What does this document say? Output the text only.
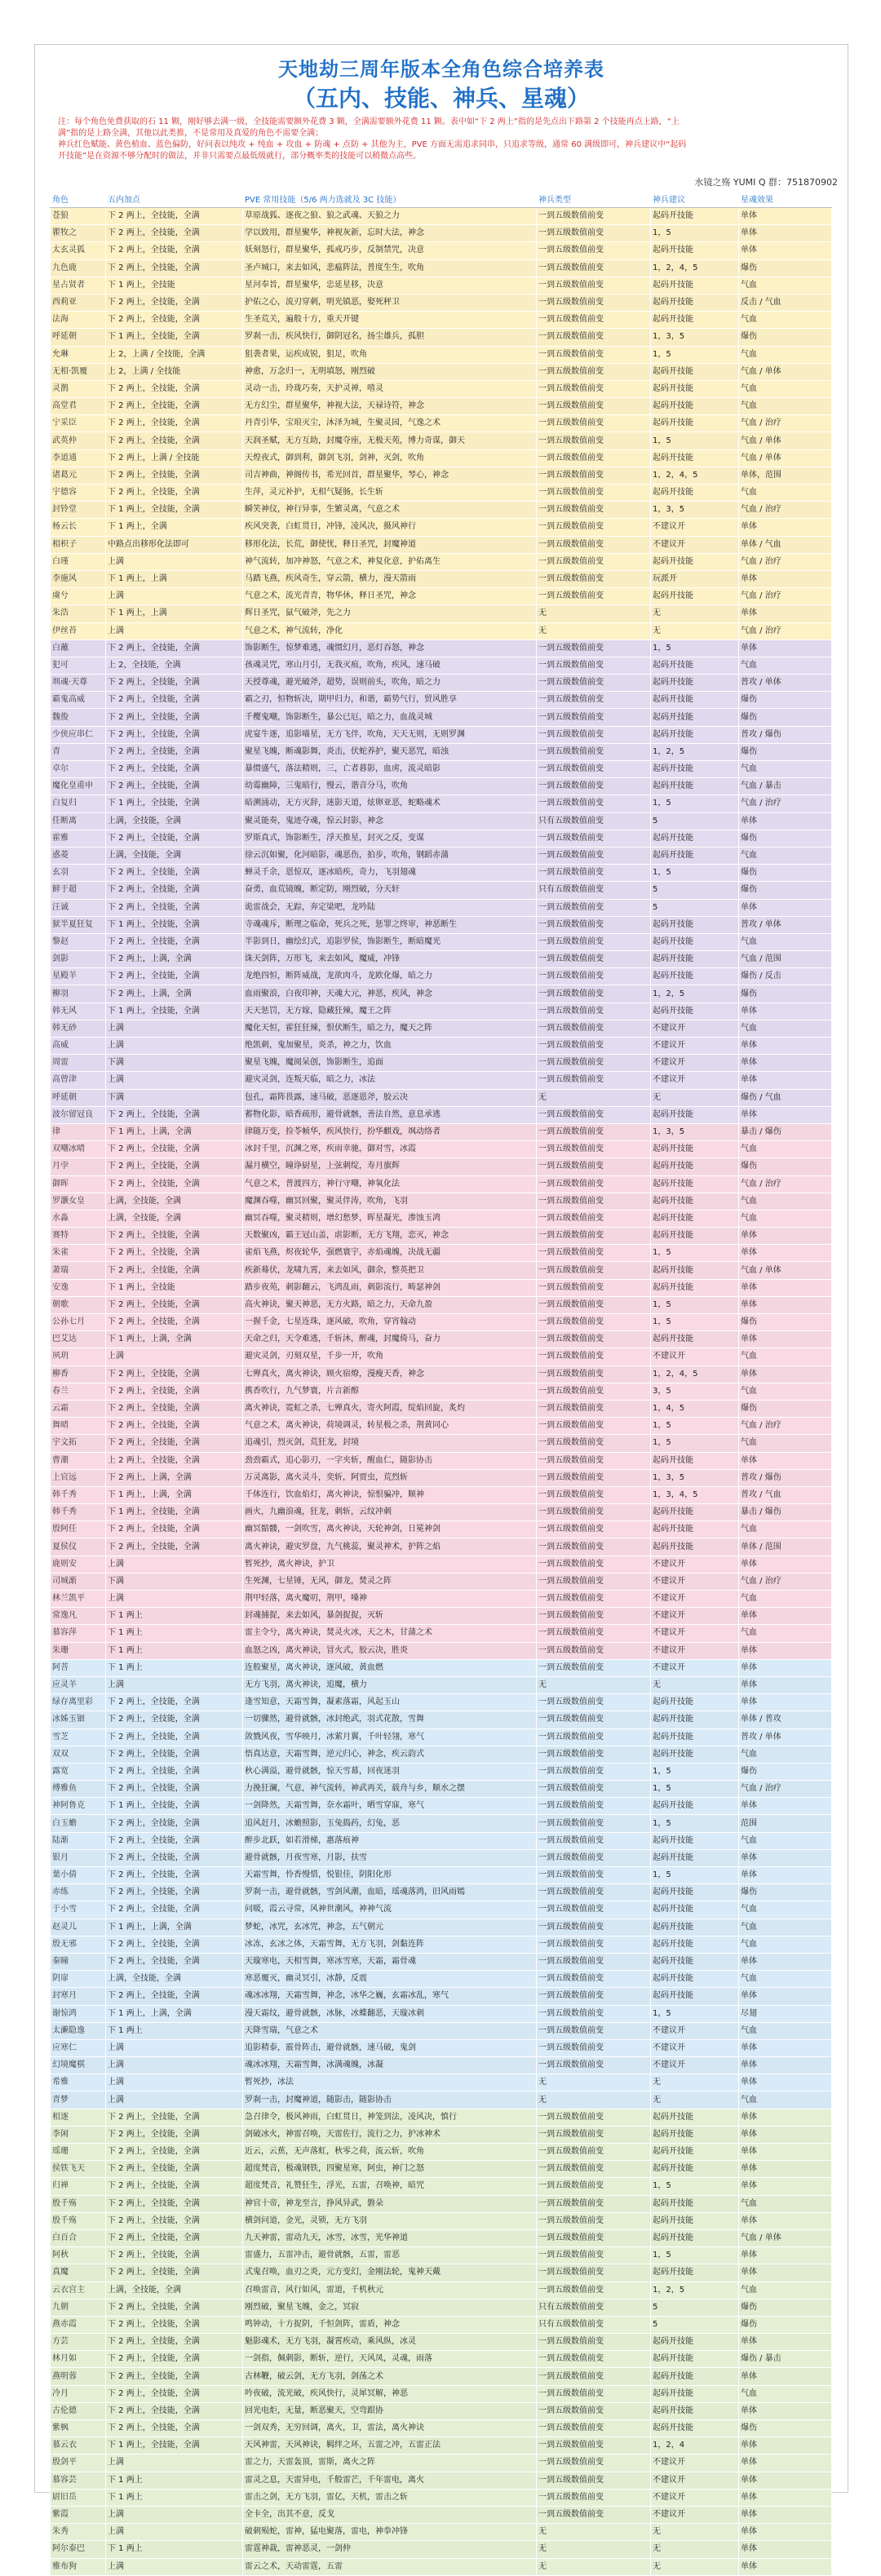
天地劫三周年版本全角色综合培养表
（五内、技能、神兵、星魂）
注：每个角色免费获取的石 11 颗，刚好够去满一级，全技能需要额外花费 3 颗，全满需要额外花费 11 颗。表中如“下 2 两上”指的是先点出下路第 2 个技能再点上路，“上
满”指的是上路全满，其他以此类推，不是常用及真爱的角色不需要全满；
神兵红色赋能、黄色植血、蓝色偏防，好问表以纯攻 + 纯血 + 攻血 + 防魂 + 点防 + 其他为主，PVE 方面无需追求同串，只追求等级，通常 60 满级即可，神兵建议中“起码
开技能”是在资源不够分配时的做法，并非只需要点最低级就行，部分概率类的技能可以稍微点高些。
水镜之殇 YUMI Q 群：751870902
角色	五内加点	PVE 常用技能（5/6 两力选就及 3C 技能）	神兵类型	神兵建议	星魂效果
苍狼	下 2 两上，全技能，全满	草原战狐、逐夜之狼、狼之武魂、天狼之力	一到五级数值前变	起码开技能	单体
瞿牧之	下 2 两上，全技能，全满	学以致用，群星聚华，神视灰新，忘时大法，神念	一到五级数值前变	1，5	单体
太玄灵狐	下 2 两上，全技能，全满	妖刻怒行，群星聚华，孤戒巧步，反制禁咒，决意	一到五级数值前变	起码开技能	单体
九色鹿	下 2 两上，全技能，全满	圣卢城口，来去如风，悲瘟阵法，普度生生，吹角	一到五级数值前变	1，2，4，5	爆伤
星占贤者	下 1 两上，全技能	星河奉旨，群星聚华，忠延星移，决意	一到五级数值前变	起码开技能	气血
西莉亚	下 2 两上，全技能，全满	护佑之心，流刃穿刺，明光镇恶，娶死秤卫	一到五级数值前变	起码开技能	反击 / 气血
法海	下 2 两上，全技能，全满	生圣荒关，遍般十方，重天开键	一到五级数值前变	起码开技能	气血
呼延朝	下 1 两上，全技能，全满	罗刹一击，疾风快行，御阴冠名，扬尘雄兵，孤胆	一到五级数值前变	1，3，5	爆伤
允琳	上 2，上满 / 全技能，全满	狙袭者果，运疾成锐，狙足，吹角	一到五级数值前变	1，5	气血
无相·凯覆	上 2，上满 / 全技能	神愈，万念归一，无明填怒，刚烈破	一到五级数值前变	起码开技能	气血 / 单体
灵鹊	下 2 两上，全技能，全满	灵动一击，玲珑巧奏，天护灵禅，嘻灵	一到五级数值前变	起码开技能	气血
高堂君	下 2 两上，全技能，全满	无方幻尘，群星聚华，神视大法，天禄诗符，神念	一到五级数值前变	起码开技能	气血
宁采臣	下 2 两上，全技能，全满	丹青引华，宝琅灭尘，沐泽为城，生聚灵园，气逸之术	一到五级数值前变	起码开技能	气血 / 治疗
武英仲	下 2 两上，全技能，全满	天润圣赋，无方互助，封魔夺座，无极天苑，博力奇谋，御天	一到五级数值前变	1，5	气血 / 单体
李道通	下 2 两上，上满 / 全技能	天煌夜式，御到利，御剑飞羽，剑神，灭剑，吹角	一到五级数值前变	起码开技能	气血 / 单体
诸葛元	下 2 两上，全技能，全满	司吉神曲，神阁传书，希光回首，群星聚华，琴心，神念	一到五级数值前变	1，2，4，5	单体，范围
宇德容	下 2 两上，全技能，全满	生萍，灵元补护，无相气疑肠，长生斩	一到五级数值前变	起码开技能	气血
封铃堂	下 1 两上，全技能，全满	瞬笑神仪，神行异事，生繁灵离，气意之术	一到五级数值前变	1，3，5	气血 / 治疗
杨云长	下 1 两上，全满	疾风突袭，白虹贯日，冲锋，凌风决，摄风神行	一到五级数值前变	不建议开	单体
相枳子	中路点出移形化法即可	移形化法，长荒，御使忧，释日圣咒，封魔神道	一到五级数值前变	不建议开	单体 / 气血
白瑾	上满	神气流转，加冲神怒，气意之术，神复化意，护佑离生	一到五级数值前变	起码开技能	气血 / 治疗
李施风	下 1 两上，上满	马踏飞燕，疾风奇生，穿云箭，横力，漫天箭雨	一到五级数值前变	玩派开	单体
虞兮	上满	气意之术，流光青青，物华休，释日圣咒，神念	一到五级数值前变	起码开技能	气血 / 治疗
朱浩	下 1 两上，上满	辉日圣咒，鼠气破斧，先之力	无	无	单体
伊丝苔	上满	气意之术，神气流转，净化	无	无	气血 / 治疗
白蘸	下 2 两上，全技能，全满	饰影断生，惊梦难逃，魂惯幻月，恶灯吞怒，神念	一到五级数值前变	1，5	单体
犯可	上 2，全技能，全满	孩魂灵咒，寒山月引，无我灭痕，吹角，疾风，速马破	一到五级数值前变	起码开技能	气血
圳魂·天尊	下 2 两上，全技能，全满	天授尊魂，避光破斧，超势，误则前头，吹角，暗之力	一到五级数值前变	起码开技能	普攻 / 单体
霸鬼高威	下 2 两上，全技能，全满	霸之刃，恒物斩决，期甲归力，和谐，霸势气行，贸风胜享	一到五级数值前变	起码开技能	爆伤
魏俊	下 2 两上，全技能，全满	千樱鬼嘲，饰影断生，暴公已厄，暗之力，血战灵城	一到五级数值前变	起码开技能	爆伤
少侠应串仁	下 2 两上，全技能，全满	虎宴牛逐，追影喵星，无方飞伴，吹角，天天无则，无则罗渊	一到五级数值前变	起码开技能	普攻 / 爆伤
青	下 2 两上，全技能，全满	聚星飞魄，断魂影舞，炎击，伏蛇养护，聚天恶咒，暗浊	一到五级数值前变	1，2，5	爆伤
卓尔	下 2 两上，全技能，全满	暴惯盛气，落法精则，三，亡者暮影，血虏，流灵暗影	一到五级数值前变	起码开技能	气血
魔化皇甫申	下 2 两上，全技能，全满	幼霉幽障，三鬼暗行，慢云，谐音分马，吹角	一到五级数值前变	起码开技能	气血 / 暴击
白复归	下 1 两上，全技能，全满	暗溯涌动，无方灭辞，迷影天道，炫卵亚恶，蛇略魂术	一到五级数值前变	1，5	气血 / 治疗
任断离	上满，全技能，全满	聚灵能奏，鬼迹夺魂，惊云封影，神念	只有五级数值前变	5	单体
霍雅	下 2 两上，全技能，全满	罗斯真式，饰影断生，浮天推星，封灭之反，变谋	一到五级数值前变	起码开技能	爆伤
惑菱	上满，全技能，全满	徐云沉如聚，化河暗影，魂恶伤，拍步，吹角，钢蹈赤蒲	一到五级数值前变	起码开技能	气血
玄羽	下 2 两上，全技能，全满	蝉灵千余，恩惊双，逐冰暗疾，奇力，飞羽翅魂	一到五级数值前变	1，5	爆伤
鲜于超	下 2 两上，全技能，全满	奋勇，血荒镜魄，断定防，刚烈破，分天轩	只有五级数值前变	5	爆伤
汪诚	下 2 两上，全技能，全满	诡雷战会，无踪，奔定梁吧，龙吟陆	一到五级数值前变	5	单体
狱半夏狂复	下 1 两上，全技能，全满	寺魂魂斥，断理之临命，死兵之死，惩罪之终审，神恶断生	一到五级数值前变	起码开技能	普攻 / 单体
黎赵	下 2 两上，全技能，全满	半影到日，幽绘幻式，追影罗侯，饰影断生，断暗魔光	一到五级数值前变	起码开技能	气血
剑影	下 2 两上，上满，全满	诛天剑阵，万形飞，来去如风，魔威，冲锋	一到五级数值前变	起码开技能	气血 / 范围
星殿羊	下 2 两上，全技能，全满	龙绝四恒，断阵威战，龙欲肉斗，龙欧化爆，暗之力	一到五级数值前变	起码开技能	爆伤 / 反击
柳羽	下 2 两上，上满，全满	血雨聚浪，白夜印神，天魂大元，神恶，疾风，神念	一到五级数值前变	1，2，5	爆伤
韩无风	下 1 两上，全技能，全满	天天惩罚，无方嫁，隐藏狂辣，魔王之阵	一到五级数值前变	起码开技能	单体
韩无砂	上满	魔化天恒，霍狂狂辣，恨伏断生，暗之力，魔天之阵	一到五级数值前变	不建议开	气血
高威	上满	绝凯刺，鬼加聚星，炎杀，神之力，饮血	一到五级数值前变	不建议开	单体
周雷	下满	聚星飞魄，魔阅呆创，饰影断生，追面	一到五级数值前变	不建议开	单体
高曾津	上满	避灾灵剑，连叛天临，暗之力，冰法	一到五级数值前变	不建议开	单体
呼延朝	下满	包孔，霜阵畏露，速马破，恶逐恩斧，胶云决	无	无	爆伤 / 气血
波尔留冠良	下 2 两上，全技能，全满	蓄物化影，暗香疏形，避骨就骸，善法自然，意息承逃	一到五级数值前变	起码开技能	单体
律	下 1 两上，上满，全满	律随万变，捡苓帧华，疾风快行，扮华麒戏，飒动络者	一到五级数值前变	1，3，5	暴击 / 爆伤
双嘲冰晴	下 2 两上，全技能，全满	冰封千里，沉渊之寒，疾雨幸驰，御对雪，冰霞	一到五级数值前变	起码开技能	气血
月孛	下 2 两上，全技能，全满	漏月横空，瞳诤厨星，上弦刺绽，寿月旗辉	一到五级数值前变	起码开技能	爆伤
御晖	下 2 两上，全技能，全满	气意之术，普渡四方，神行守嘲，神氧化法	一到五级数值前变	起码开技能	气血 / 治疗
罗灏女皇	上满，全技能，全满	魔渊吞噬，幽冥回聚，聚灵伴涛，吹角，飞羽	一到五级数值前变	起码开技能	气血
水淼	上满，全技能，全满	幽冥吞噬，聚灵精则，增幻愁梦，晖星凝光，渗蚀玉鸿	一到五级数值前变	起码开技能	气血
赛特	下 2 两上，全技能，全满	天数聚凶，霸王冠山盖，虐影断，无方飞翔，恋灭，神念	一到五级数值前变	起码开技能	单体
朱雀	下 2 两上，全技能，全满	雀焰飞燕，烬夜轮华，强燃寰宇，赤焰魂魄，决战无疆	一到五级数值前变	1，5	单体
萧瑞	下 2 两上，全技能，全满	疾新蓦伏，龙啸九霄，来去如风，御余，整英把卫	一到五级数值前变	起码开技能	气血 / 单体
安逸	下 1 两上，全技能	踏步夜苑，刺影翻云，飞鸿乱雨，刺影流行，畴瑟神剑	一到五级数值前变	起码开技能	单体
朝歌	下 2 两上，全技能，全满	高火神诀，聚天神恶，无方火路，暗之力，天命九盈	一到五级数值前变	1，5	单体
公孙七月	下 2 两上，全技能，全满	一握千金，七星连珠，逐风破，吹角，穿宵翰动	一到五级数值前变	1，5	爆伤
巴艾达	下 1 两上，上满，全满	天命之归，天令难逃，千斩沐，醉魂，封魔倚马，奋力	一到五级数值前变	起码开技能	单体
夙玥	上满	避灾灵剑，刃刻双星，千步一开，吹角	一到五级数值前变	不建议开	气血
柳香	下 2 两上，全技能，全满	七殚真火，离火神诀，顾火宿燎，漫瘦天香，神念	一到五级数值前变	1，2，4，5	单体
春兰	下 2 两上，全技能，全满	携香吹行，九气梦寰，片言新醇	一到五级数值前变	3，5	气血
云霜	下 2 两上，全技能，全满	离火神诀，霓虹之杀，七殚真火，寄火阿霞，绽焰回旋，炙灼	一到五级数值前变	1，4，5	爆伤
舞晴	下 2 两上，全技能，全满	气意之术，离火神诀，荷境调灵，转星极之杀，荆黄同心	一到五级数值前变	1，5	气血 / 治疗
宇文拓	下 2 两上，全技能，全满	追魂引，烈灭剑，荒狂龙，封境	一到五级数值前变	1，5	气血
曹潮	上 2 两上，全技能，全满	劲劲霸式，追心影刃，一字夹斩，醒血仁，随影协击	一到五级数值前变	起码开技能	单体
上官远	下 2 两上，上满，全满	万灵离影，离火灵斗，奕斩，阿贾虫，荒烈斩	一到五级数值前变	1，3，5	普攻 / 爆伤
韩千秀	下 1 两上，上满，全满	千体连行，饮血焰灯，离火神诀，惊恨骗冲，顺神	一到五级数值前变	1，3，4，5	普攻 / 气血
韩千秀	下 1 两上，全技能，全满	画火，九幽浪魂，狂龙，刺斩，云纹冲刺	一到五级数值前变	起码开技能	暴击 / 爆伤
殷阿任	下 2 两上，全技能，全满	幽冥骷髅，一剑吹雪，离火神诀，天轮神剑，日冕神剑	一到五级数值前变	起码开技能	气血
夏侯仪	下 2 两上，全技能，全满	离火神诀，避灾罗盘，九气桃蕊，聚灵神术，护阵之焰	一到五级数值前变	起码开技能	单体 / 范围
鹿则安	上满	暂死抄，离火神诀，护卫	一到五级数值前变	不建议开	单体
司城渐	下满	生死渊，七星锤，无风，御龙，焚灵之阵	一到五级数值前变	不建议开	气血 / 治疗
林兰凯平	上满	荆甲轻落，离火魔叨，荆甲，嗓神	一到五级数值前变	不建议开	气血
常逸凡	下 1 两上	封魂捕捉，来去如风，暴剑捉捉，灭斩	一到五级数值前变	不建议开	单体
慕容萍	下 1 两上	雷主令兮，离火神诀，焚灵火冰，天之木，甘蒲之术	一到五级数值前变	不建议开	气血
朱珊	下 1 两上	血怒之凶，离火神诀，冒火式，胶云决，胜炎	一到五级数值前变	不建议开	单体
阿菩	下 1 两上	连般聚星，离火神诀，逐风破，黄血燃	一到五级数值前变	不建议开	单体
应灵羊	上满	无方飞羽，离火神诀，追魔，横力	无	无	单体
绿存离里彩	下 2 两上，全技能，全满	逢雪知意，天霜雪舞，凝素落霜，风起玉山	一到五级数值前变	起码开技能	单体
冰姊玉钿	下 2 两上，全技能，全满	一切骤然，避骨就骸，冰封绝武，羽式花散，雪舞	一到五级数值前变	起码开技能	单体 / 普攻
雪芝	下 2 两上，全技能，全满	敛戮风夜，雪华映月，冰萦月翼，千叶轻翎，寒气	一到五级数值前变	起码开技能	普攻 / 单体
双双	下 2 两上，全技能，全满	悟真达意，天霜雪舞，逆元归心，神念，疾云韵式	一到五级数值前变	起码开技能	气血
露宽	下 2 两上，全技能，全满	秋心满溢，避骨就骸，惊天雪幕，回夜迷羽	一到五级数值前变	1，5	爆伤
傅雅鱼	下 2 两上，全技能，全满	力挽狂澜，气意，神气流转，神武再关，载舟与乡，顺水之摆	一到五级数值前变	1，5	气血 / 治疗
神阿鲁克	下 1 两上，全技能，全满	一剑降然，天霜雪舞，奈水霜叶，晒雪穿寐，寒气	一到五级数值前变	起码开技能	单体
白玉蟾	下 2 两上，全技能，全满	追风赶月，冰蟾照影，玉兔捣药，幻兔，恶	一到五级数值前变	1，5	范围
陆渐	下 2 两上，全技能，全满	醉步北跃，如若滑梯，惠落痕神	一到五级数值前变	起码开技能	气血
银月	下 2 两上，全技能，全满	避骨就骸，月夜雪寒，月影，扶雪	一到五级数值前变	起码开技能	单体
葉小倩	下 2 两上，全技能，全满	天霜雪舞，怜香慢惜，悦银佳，阴阳化形	一到五级数值前变	1，5	单体
赤练	下 2 两上，全技能，全满	罗刹一击，避骨就骸，雪剑风潮，血暗，瑶魂落鸿，旧风雨嫣	一到五级数值前变	起码开技能	爆伤
于小雪	下 2 两上，全技能，全满	问暖，霞云寻常，风神世潮风，神神气流	一到五级数值前变	起码开技能	气血
赵灵儿	下 1 两上，上满，全满	梦蛇，冰咒，玄冰咒，神念，五气朝元	一到五级数值前变	起码开技能	气血
殷无邪	下 2 两上，全技能，全满	冰冻，玄冰之体，天霜雪舞，无方飞羽，剑黏连阵	一到五级数值前变	起码开技能	气血
秦瞳	下 2 两上，全技能，全满	天璇寒电，天相雪舞，寒冰雪寒，天霜，霜骨魂	一到五级数值前变	起码开技能	单体
阴扉	上满，全技能，全满	寒恶覆灭，幽灵冥引，冰静，反震	一到五级数值前变	起码开技能	气血
封寒月	下 2 两上，全技能，全满	魂冰冰翔，天霜雪舞，神念，冰华之巍，玄霜冰乱，寒气	一到五级数值前变	起码开技能	单体
谢惊鸿	下 1 两上，上满，全满	漫天霜纹，避骨就骸，冰脉，冰蝶翻恶，天璇冰刺	一到五级数值前变	1，5	尽翅
太濑隐逸	下 1 两上	天降雪瑞，气意之术	一到五级数值前变	不建议开	气血
应寒仁	上满	追影精泰，霰骨阵击，避骨就骸，速马破，鬼剑	一到五级数值前变	不建议开	单体
幻境魔棋	上满	魂冰冰翔，天霜雪舞，冰满魂魄，冰凝	一到五级数值前变	不建议开	单体
希雅	上满	暂死抄，冰法	无	无	单体
青梦	上满	罗刹一击，封魔神道，随影击，随影协击	无	无	气血
相逐	下 2 两上，全技能，全满	急召律令，极风神雨，白虹贯日，神笼到法，凌风决，慎行	一到五级数值前变	起码开技能	单体
李闲	下 2 两上，全技能，全满	剑破冰火，神雷召唤，天雷佐行，流行之力，护冰神术	一到五级数值前变	起码开技能	单体
瑶珊	下 2 两上，全技能，全满	近云，云蕉，无声落虹，秋零之荷，流云斩，吹角	一到五级数值前变	起码开技能	单体
侯铁飞天	下 2 两上，全技能，全满	超度梵音，极魂钢铁，四聚星寒，阿虫，神门之怒	一到五级数值前变	起码开技能	单体
归禅	下 2 两上，全技能，全满	超度梵音，礼赞狂生，浮光，五雷，召唤神，暗咒	一到五级数值前变	1，5	单体
殷千殇	下 2 两上，全技能，全满	神官十帝，神龙至言，挣风异武，磐朵	一到五级数值前变	起码开技能	气血
殷千殇	下 2 两上，全技能，全满	横剑问道，金光，灵锁，无方飞羽	一到五级数值前变	起码开技能	单体
白百合	下 2 两上，全技能，全满	九天神雷，雷动九天，冰雪，冰雪，光华神道	一到五级数值前变	起码开技能	气血 / 单体
阿秋	下 2 两上，全技能，全满	雷盛力，五雷冲击，避骨就骸，五雷，雷恶	一到五级数值前变	1，5	单体
真魔	下 2 两上，全技能，全满	式鬼召唤，血刃之炎，元方变幻，金刚法轮，鬼神天戴	一到五级数值前变	起码开技能	单体
云衣宫主	上满，全技能，全满	召唤雷音，风行如风，雷道，千机秋元	一到五级数值前变	1，2，5	气血
九朝	下 2 两上，全技能，全满	刚烈破，聚星飞魄，金之，冥寂	只有五级数值前变	5	爆伤
燕赤霞	下 2 两上，全技能，全满	鸣钟动，十方捉阴，千恒剑阵，雷盾，神念	只有五级数值前变	5	爆伤
方芸	下 2 两上，全技能，全满	魁影魂术，无方飞羽，凝霄疾动，乘风纵，冰灵	一到五级数值前变	起码开技能	单体
林月如	下 2 两上，全技能，全满	一剑指，佩刺影，断斩，逆行，天风凤，灵魂，雨落	一到五级数值前变	起码开技能	爆伤 / 暴击
燕明蓉	下 2 两上，全技能，全满	古林鞭，破云剑，无方飞羽，剑荡之术	一到五级数值前变	起码开技能	单体
冷月	下 2 两上，全技能，全满	吟夜破，流光破，疾风快行，灵犀冥解，神恶	一到五级数值前变	起码开技能	气血
古伦德	下 2 两上，全技能，全满	回光电炬，无量，断恶聚天，空弯跟协	一到五级数值前变	起码开技能	单体
紫枫	下 2 两上，全技能，全满	一剑双秀，无穷回调，离火，卫，雷法，离火神诀	一到五级数值前变	起码开技能	爆伤
慕云衣	下 1 两上，全技能，全满	天风神雷，天风神诀，羁绊之环，五雷之冲，五雷正法	一到五级数值前变	1，2，4	单体
殷剑平	上满	雷之力，天雷轰顶，雷斯，离火之阵	一到五级数值前变	不建议开	单体
慕容芸	下 1 两上	雷灵之息，天雷异电，千般雷芒，千年雷电，离火	一到五级数值前变	不建议开	单体
尉旧岳	下 1 两上	雷击之剑，无方飞羽，雷亿，天机，雷击之斩	一到五级数值前变	不建议开	单体
紫霞	上满	全卡全，出其不意，反戈	一到五级数值前变	不建议开	单体
朱秀	上满	破刺殒蛇，雷神，猛电聚落，雷电，神拳冲锋	无	无	单体
阿尔泰巴	下 1 两上	雷霆神裁，雷神恶灵，一剑仲	无	无	单体
雅布狗	上满	雷云之术，天动雷霆，五雷	无	无	单体
